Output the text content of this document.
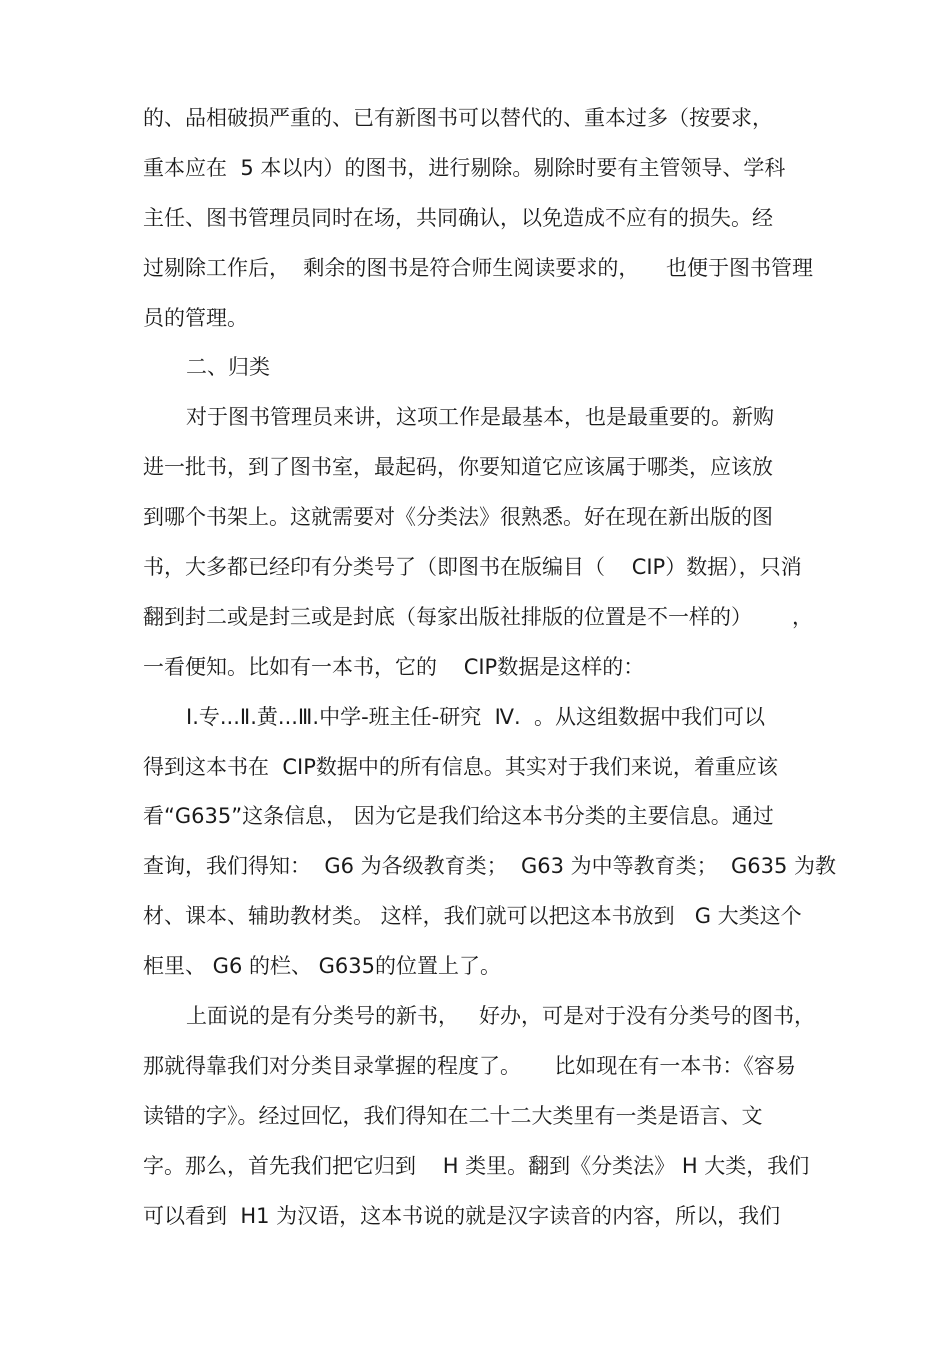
的、品相破损严重的、已有新图书可以替代的、重本过多（按要求，
重本应在  5 本以内）的图书，进行剔除。剔除时要有主管领导、学科
主任、图书管理员同时在场，共同确认，以免造成不应有的损失。经
过剔除工作后，  剩余的图书是符合师生阅读要求的，    也便于图书管理
员的管理。
二、归类
对于图书管理员来讲，这项工作是最基本，也是最重要的。新购
进一批书，到了图书室，最起码，你要知道它应该属于哪类，应该放
到哪个书架上。这就需要对《分类法》很熟悉。好在现在新出版的图
书，大多都已经印有分类号了（即图书在版编目（    CIP）数据），只消
翻到封二或是封三或是封底（每家出版社排版的位置是不一样的）      ，
一看便知。比如有一本书，它的    CIP数据是这样的：
Ⅰ.专...Ⅱ.黄...Ⅲ.中学-班主任-研究  Ⅳ.  。从这组数据中我们可以
得到这本书在  CIP数据中的所有信息。其实对于我们来说，着重应该
看“G635”这条信息， 因为它是我们给这本书分类的主要信息。通过
查询，我们得知：  G6 为各级教育类；  G63 为中等教育类；  G635 为教
材、课本、辅助教材类。 这样，我们就可以把这本书放到   G 大类这个
柜里、 G6 的栏、 G635的位置上了。
上面说的是有分类号的新书，   好办，可是对于没有分类号的图书，
那就得靠我们对分类目录掌握的程度了。     比如现在有一本书：《容易
读错的字》。经过回忆，我们得知在二十二大类里有一类是语言、文
字。那么，首先我们把它归到    H 类里。翻到《分类法》 H 大类，我们
可以看到  H1 为汉语，这本书说的就是汉字读音的内容，所以，我们
